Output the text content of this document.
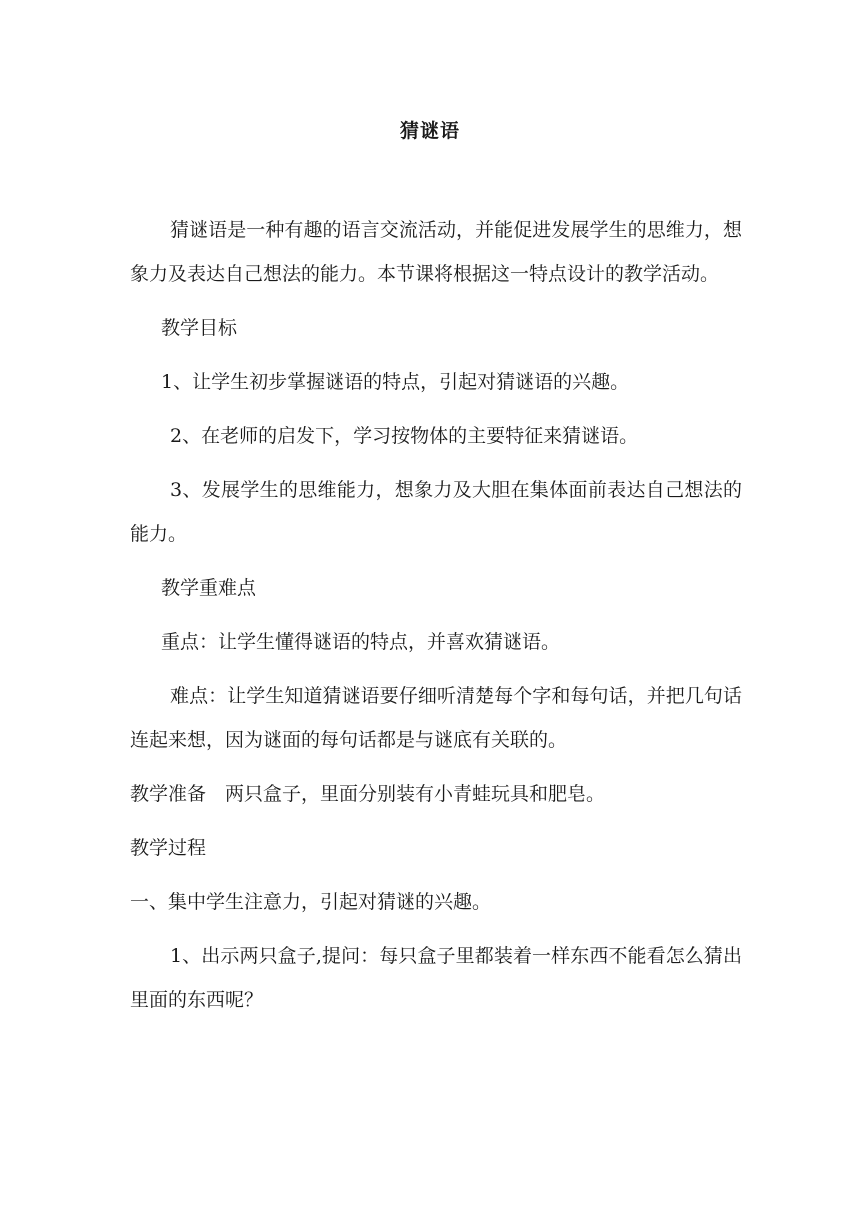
猜谜语

猜谜语是一种有趣的语言交流活动，并能促进发展学生的思维力，想象力及表达自己想法的能力。本节课将根据这一特点设计的教学活动。

教学目标

1、让学生初步掌握谜语的特点，引起对猜谜语的兴趣。

2、在老师的启发下，学习按物体的主要特征来猜谜语。

3、发展学生的思维能力，想象力及大胆在集体面前表达自己想法的能力。

教学重难点

重点：让学生懂得谜语的特点，并喜欢猜谜语。

难点：让学生知道猜谜语要仔细听清楚每个字和每句话，并把几句话连起来想，因为谜面的每句话都是与谜底有关联的。

教学准备　两只盒子，里面分别装有小青蛙玩具和肥皂。

教学过程

一、集中学生注意力，引起对猜谜的兴趣。

1、出示两只盒子,提问：每只盒子里都装着一样东西不能看怎么猜出里面的东西呢？
